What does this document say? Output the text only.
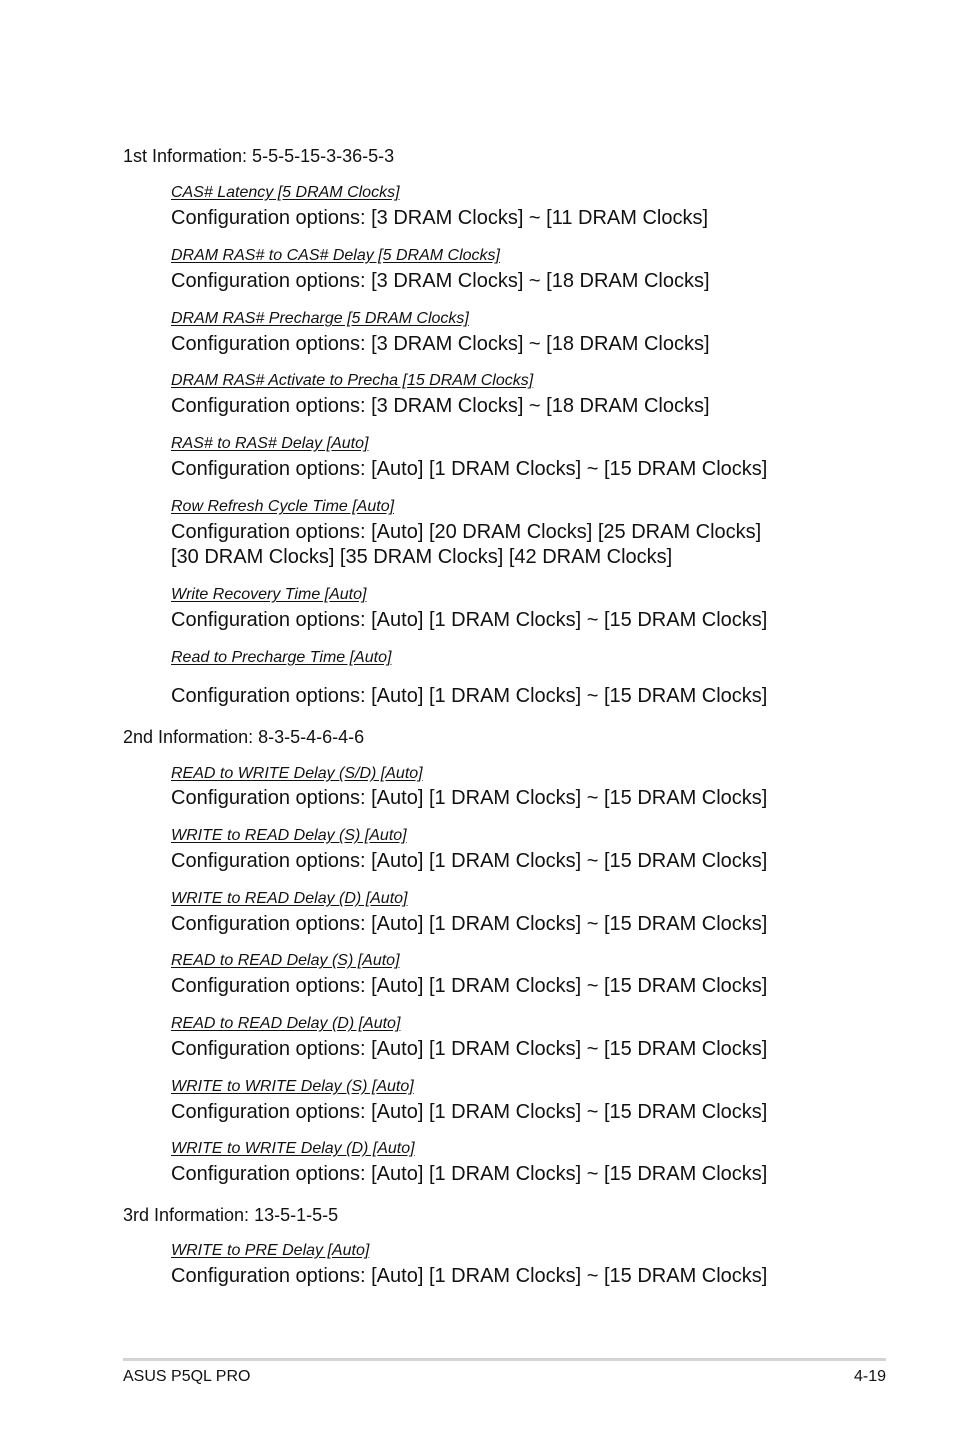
1st Information: 5-5-5-15-3-36-5-3
CAS# Latency [5 DRAM Clocks]
Configuration options: [3 DRAM Clocks] ~ [11 DRAM Clocks]
DRAM RAS# to CAS# Delay [5 DRAM Clocks]
Configuration options: [3 DRAM Clocks] ~ [18 DRAM Clocks]
DRAM RAS# Precharge [5 DRAM Clocks]
Configuration options: [3 DRAM Clocks] ~ [18 DRAM Clocks]
DRAM RAS# Activate to Precha [15 DRAM Clocks]
Configuration options: [3 DRAM Clocks] ~ [18 DRAM Clocks]
RAS# to RAS# Delay [Auto]
Configuration options: [Auto] [1 DRAM Clocks] ~ [15 DRAM Clocks]
Row Refresh Cycle Time [Auto]
Configuration options: [Auto] [20 DRAM Clocks] [25 DRAM Clocks]
[30 DRAM Clocks] [35 DRAM Clocks] [42 DRAM Clocks]
Write Recovery Time [Auto]
Configuration options: [Auto] [1 DRAM Clocks] ~ [15 DRAM Clocks]
Read to Precharge Time [Auto]
Configuration options: [Auto] [1 DRAM Clocks] ~ [15 DRAM Clocks]
2nd Information: 8-3-5-4-6-4-6
READ to WRITE Delay (S/D) [Auto]
Configuration options: [Auto] [1 DRAM Clocks] ~ [15 DRAM Clocks]
WRITE to READ Delay (S) [Auto]
Configuration options: [Auto] [1 DRAM Clocks] ~ [15 DRAM Clocks]
WRITE to READ Delay (D) [Auto]
Configuration options: [Auto] [1 DRAM Clocks] ~ [15 DRAM Clocks]
READ to READ Delay (S) [Auto]
Configuration options: [Auto] [1 DRAM Clocks] ~ [15 DRAM Clocks]
READ to READ Delay (D) [Auto]
Configuration options: [Auto] [1 DRAM Clocks] ~ [15 DRAM Clocks]
WRITE to WRITE Delay (S) [Auto]
Configuration options: [Auto] [1 DRAM Clocks] ~ [15 DRAM Clocks]
WRITE to WRITE Delay (D) [Auto]
Configuration options: [Auto] [1 DRAM Clocks] ~ [15 DRAM Clocks]
3rd Information: 13-5-1-5-5
WRITE to PRE Delay [Auto]
Configuration options: [Auto] [1 DRAM Clocks] ~ [15 DRAM Clocks]
ASUS P5QL PRO	4-19
